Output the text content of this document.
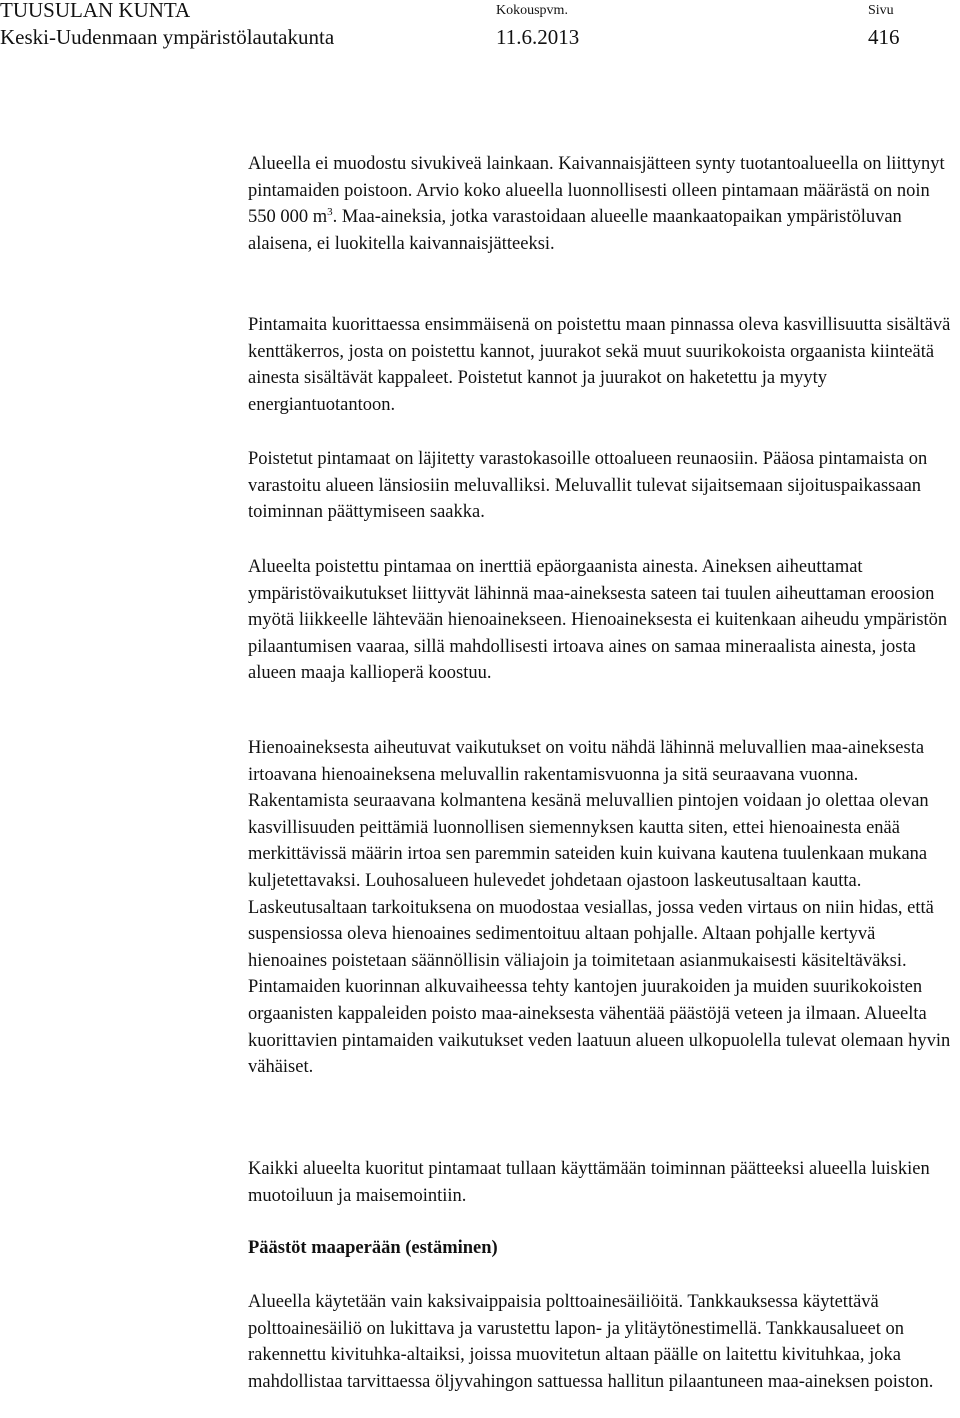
TUUSULAN KUNTA
Keski-Uudenmaan ympäristölautakunta
Kokouspvm.
11.6.2013
Sivu
416

Alueella ei muodostu sivukiveä lainkaan. Kaivannaisjätteen synty tuotantoalueella on liittynyt pintamaiden poistoon. Arvio koko alueella luonnollisesti olleen pintamaan määrästä on noin 550 000 $m^3$. Maa-aineksia, jotka varastoidaan alueelle maankaatopaikan ympäristöluvan alaisena, ei luokitella kaivannaisjätteeksi.

Pintamaita kuorittaessa ensimmäisenä on poistettu maan pinnassa oleva kasvillisuutta sisältävä kenttäkerros, josta on poistettu kannot, juurakot sekä muut suurikokoista orgaanista kiinteätä ainesta sisältävät kappaleet. Poistetut kannot ja juurakot on haketettu ja myyty energiantuotantoon.

Poistetut pintamaat on läjitetty varastokasoille ottoalueen reunaosiin. Pääosa pintamaista on varastoitu alueen länsiosiin meluvalliksi. Meluvallit tulevat sijaitsemaan sijoituspaikassaan toiminnan päättymiseen saakka.

Alueelta poistettu pintamaa on inerttiä epäorgaanista ainesta. Aineksen aiheuttamat ympäristövaikutukset liittyvät lähinnä maa-aineksesta sateen tai tuulen aiheuttaman eroosion myötä liikkeelle lähtevään hienoainekseen. Hienoaineksesta ei kuitenkaan aiheudu ympäristön pilaantumisen vaaraa, sillä mahdollisesti irtoava aines on samaa mineraalista ainesta, josta alueen maaja kallioperä koostuu.

Hienoaineksesta aiheutuvat vaikutukset on voitu nähdä lähinnä meluvallien maa-aineksesta irtoavana hienoaineksena meluvallin rakentamisvuonna ja sitä seuraavana vuonna. Rakentamista seuraavana kolmantena kesänä meluvallien pintojen voidaan jo olettaa olevan kasvillisuuden peittämiä luonnollisen siemennyksen kautta siten, ettei hienoainesta enää merkittävissä määrin irtoa sen paremmin sateiden kuin kuivana kautena tuulenkaan mukana kuljetettavaksi. Louhosalueen hulevedet johdetaan ojastoon laskeutusaltaan kautta. Laskeutusaltaan tarkoituksena on muodostaa vesiallas, jossa veden virtaus on niin hidas, että suspensiossa oleva hienoaines sedimentoituu altaan pohjalle. Altaan pohjalle kertyvä hienoaines poistetaan säännöllisin väliajoin ja toimitetaan asianmukaisesti käsiteltäväksi. Pintamaiden kuorinnan alkuvaiheessa tehty kantojen juurakoiden ja muiden suurikokoisten orgaanisten kappaleiden poisto maa-aineksesta vähentää päästöjä veteen ja ilmaan. Alueelta kuorittavien pintamaiden vaikutukset veden laatuun alueen ulkopuolella tulevat olemaan hyvin vähäiset.

Kaikki alueelta kuoritut pintamaat tullaan käyttämään toiminnan päätteeksi alueella luiskien muotoiluun ja maisemointiin.

Päästöt maaperään (estäminen)

Alueella käytetään vain kaksivaippaisia polttoainesäiliöitä. Tankkauksessa käytettävä polttoainesäiliö on lukittava ja varustettu lapon- ja ylitäytönestimellä. Tankkausalueet on rakennettu kivituhka-altaiksi, joissa muovitetun altaan päälle on laitettu kivituhkaa, joka mahdollistaa tarvittaessa öljyvahingon sattuessa hallitun pilaantuneen maa-aineksen poiston.
